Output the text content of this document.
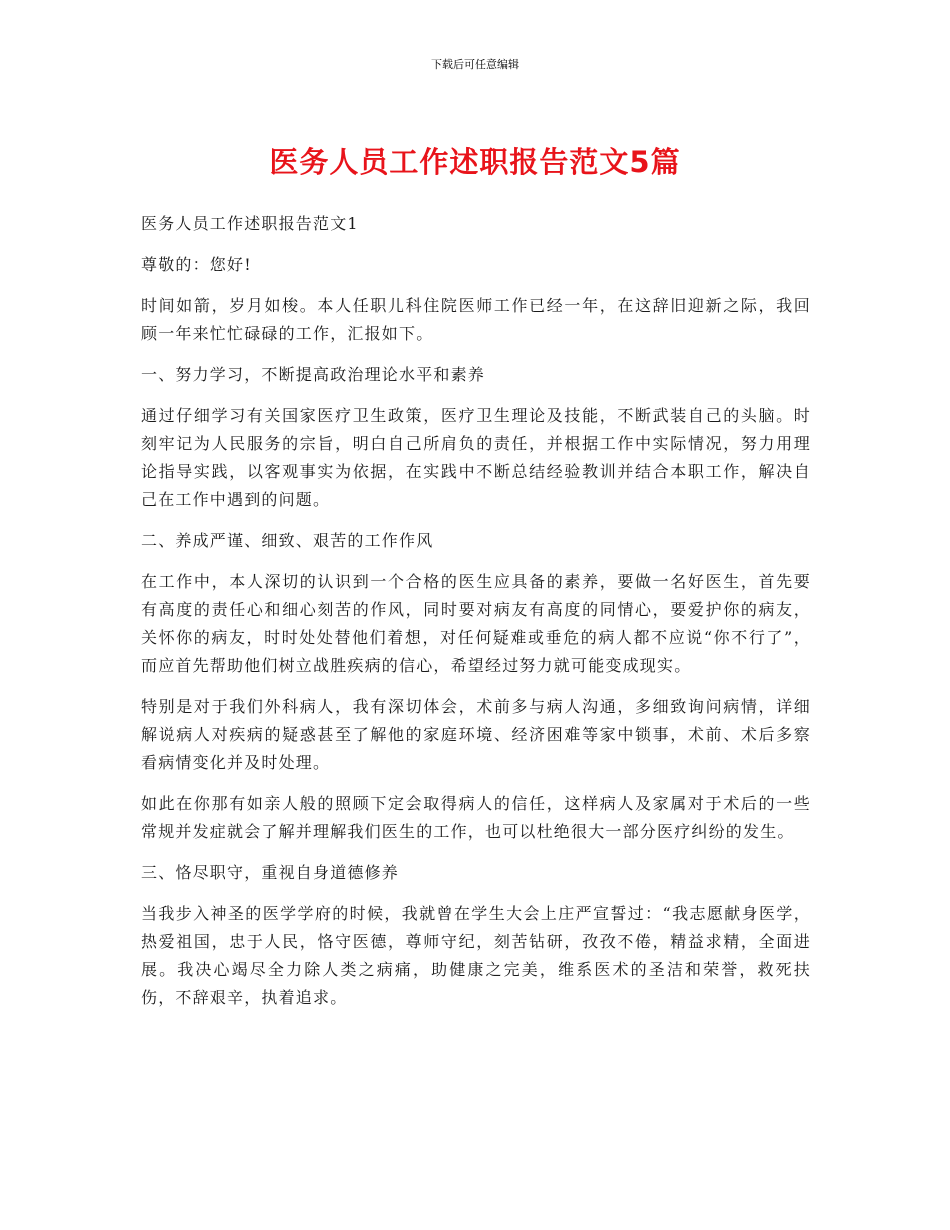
下载后可任意编辑
医务人员工作述职报告范文5篇

医务人员工作述职报告范文1

尊敬的：您好!

时间如箭，岁月如梭。本人任职儿科住院医师工作已经一年，在这辞旧迎新之际，我回顾一年来忙忙碌碌的工作，汇报如下。

一、努力学习，不断提高政治理论水平和素养

通过仔细学习有关国家医疗卫生政策，医疗卫生理论及技能，不断武装自己的头脑。时刻牢记为人民服务的宗旨，明白自己所肩负的责任，并根据工作中实际情况，努力用理论指导实践，以客观事实为依据，在实践中不断总结经验教训并结合本职工作，解决自己在工作中遇到的问题。

二、养成严谨、细致、艰苦的工作作风

在工作中，本人深切的认识到一个合格的医生应具备的素养，要做一名好医生，首先要有高度的责任心和细心刻苦的作风，同时要对病友有高度的同情心，要爱护你的病友，关怀你的病友，时时处处替他们着想，对任何疑难或垂危的病人都不应说“你不行了”，而应首先帮助他们树立战胜疾病的信心，希望经过努力就可能变成现实。

特别是对于我们外科病人，我有深切体会，术前多与病人沟通，多细致询问病情，详细解说病人对疾病的疑惑甚至了解他的家庭环境、经济困难等家中锁事，术前、术后多察看病情变化并及时处理。

如此在你那有如亲人般的照顾下定会取得病人的信任，这样病人及家属对于术后的一些常规并发症就会了解并理解我们医生的工作，也可以杜绝很大一部分医疗纠纷的发生。

三、恪尽职守，重视自身道德修养

当我步入神圣的医学学府的时候，我就曾在学生大会上庄严宣誓过：“我志愿献身医学，热爱祖国，忠于人民，恪守医德，尊师守纪，刻苦钻研，孜孜不倦，精益求精，全面进展。我决心竭尽全力除人类之病痛，助健康之完美，维系医术的圣洁和荣誉，救死扶伤，不辞艰辛，执着追求。
